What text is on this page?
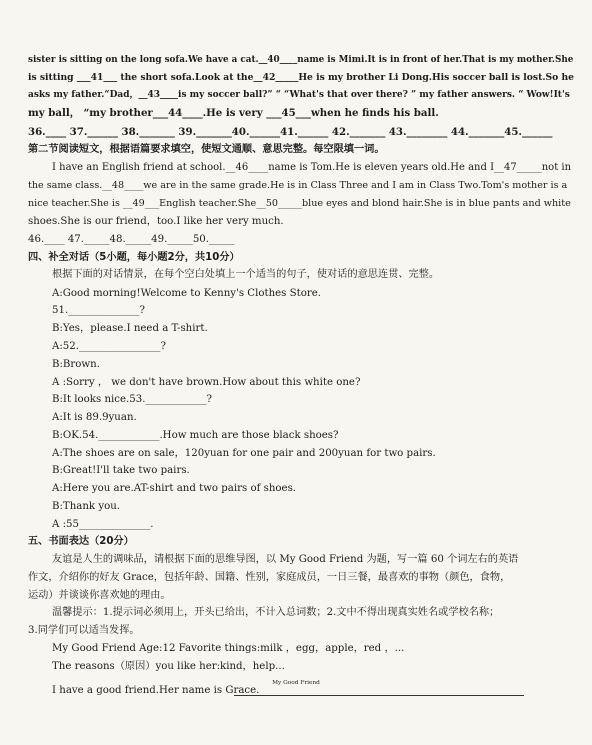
sister is sitting on the long sofa.We have a cat.__40____name is Mimi.It is in front of her.That is my mother.She
is sitting ___41___ the short sofa.Look at the__42_____He is my brother Li Dong.His soccer ball is lost.So he
asks my father.“Dad，__43____is my soccer ball?” “ “What's that over there? ” my father answers. “ Wow!It's
my ball， “my brother___44____.He is very ___45___when he finds his ball.
36.____ 37.______ 38._______ 39._______40.______41.______ 42._______ 43.________ 44._______45.______
第二节阅读短文，根据语篇要求填空，使短文通顺、意思完整。每空限填一词。
I have an English friend at school.__46____name is Tom.He is eleven years old.He and I__47_____not in
the same class.__48____we are in the same grade.He is in Class Three and I am in Class Two.Tom's mother is a
nice teacher.She is __49___English teacher.She__50_____blue eyes and blond hair.She is in blue pants and white
shoes.She is our friend，too.I like her very much.
46.____ 47._____48._____49._____50._____
四、补全对话（5小题，每小题2分，共10分）
根据下面的对话情景，在每个空白处填上一个适当的句子，使对话的意思连贯、完整。
A:Good morning!Welcome to Kenny's Clothes Store.
51.______________?
B:Yes，please.I need a T-shirt.
A:52.________________?
B:Brown.
A :Sorry ， we don't have brown.How about this white one?
B:It looks nice.53.____________?
A:It is 89.9yuan.
B:OK.54.____________.How much are those black shoes?
A:The shoes are on sale，120yuan for one pair and 200yuan for two pairs.
B:Great!I'll take two pairs.
A:Here you are.AT-shirt and two pairs of shoes.
B:Thank you.
A :55______________.
五、书面表达（20分）
友谊是人生的调味品，请根据下面的思维导图，以 My Good Friend 为题，写一篇 60 个词左右的英语
作文，介绍你的好友 Grace，包括年龄、国籍、性别，家庭成员，一日三餐，最喜欢的事物（颜色，食物，
运动）并谈谈你喜欢她的理由。
温馨提示：1.提示词必须用上，开头已给出，不计入总词数；2.文中不得出现真实姓名或学校名称；
3.同学们可以适当发挥。
My Good Friend Age:12 Favorite things:milk ，egg，apple，red ，...
The reasons（原因）you like her:kind，help...
My Good Friend
I have a good friend.Her name is Grace.
